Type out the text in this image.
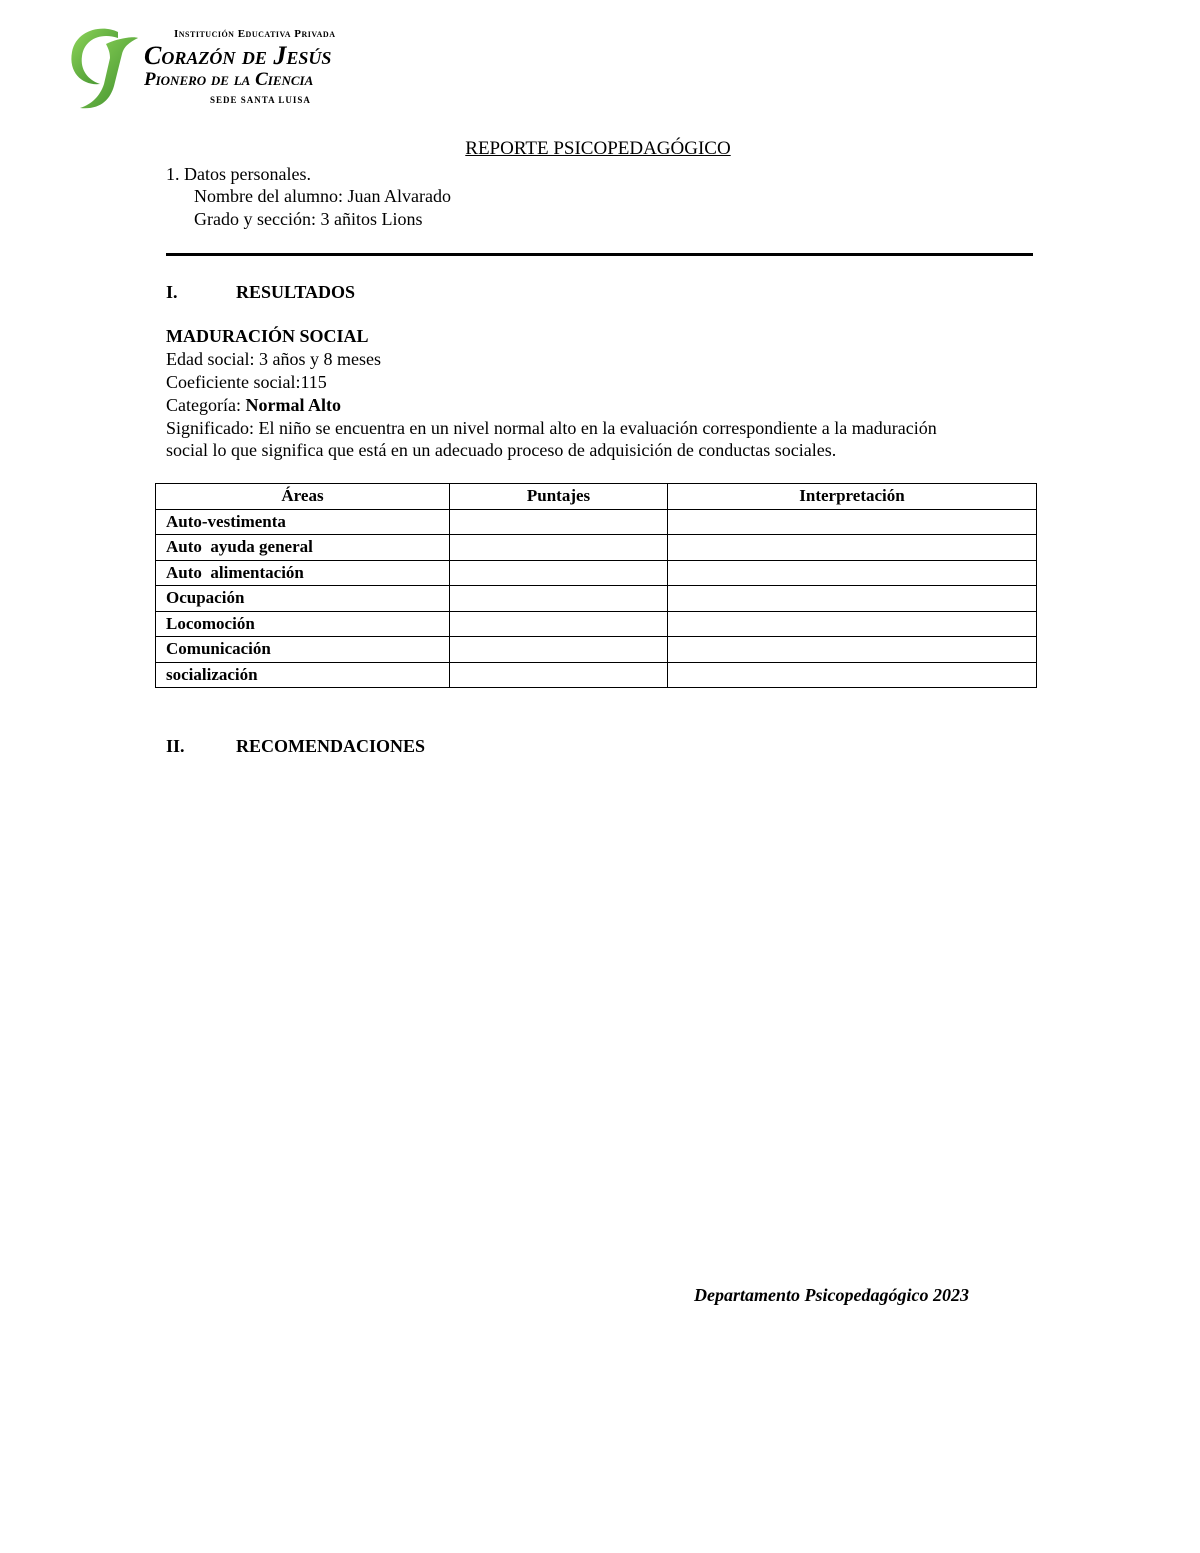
Institución Educativa Privada
Corazón de Jesús
Pionero de la Ciencia
SEDE SANTA LUISA
REPORTE PSICOPEDAGÓGICO
1. Datos personales.
Nombre del alumno: Juan Alvarado
Grado y sección: 3 añitos Lions
I.	RESULTADOS
MADURACIÓN SOCIAL
Edad social: 3 años y 8 meses
Coeficiente social:115
Categoría: Normal Alto
Significado: El niño se encuentra en un nivel normal alto en la evaluación correspondiente a la maduración
social lo que significa que está en un adecuado proceso de adquisición de conductas sociales.
Áreas	Puntajes	Interpretación
Auto-vestimenta		
Auto  ayuda general		
Auto  alimentación		
Ocupación		
Locomoción		
Comunicación		
socialización		
II.	RECOMENDACIONES
Departamento Psicopedagógico 2023
